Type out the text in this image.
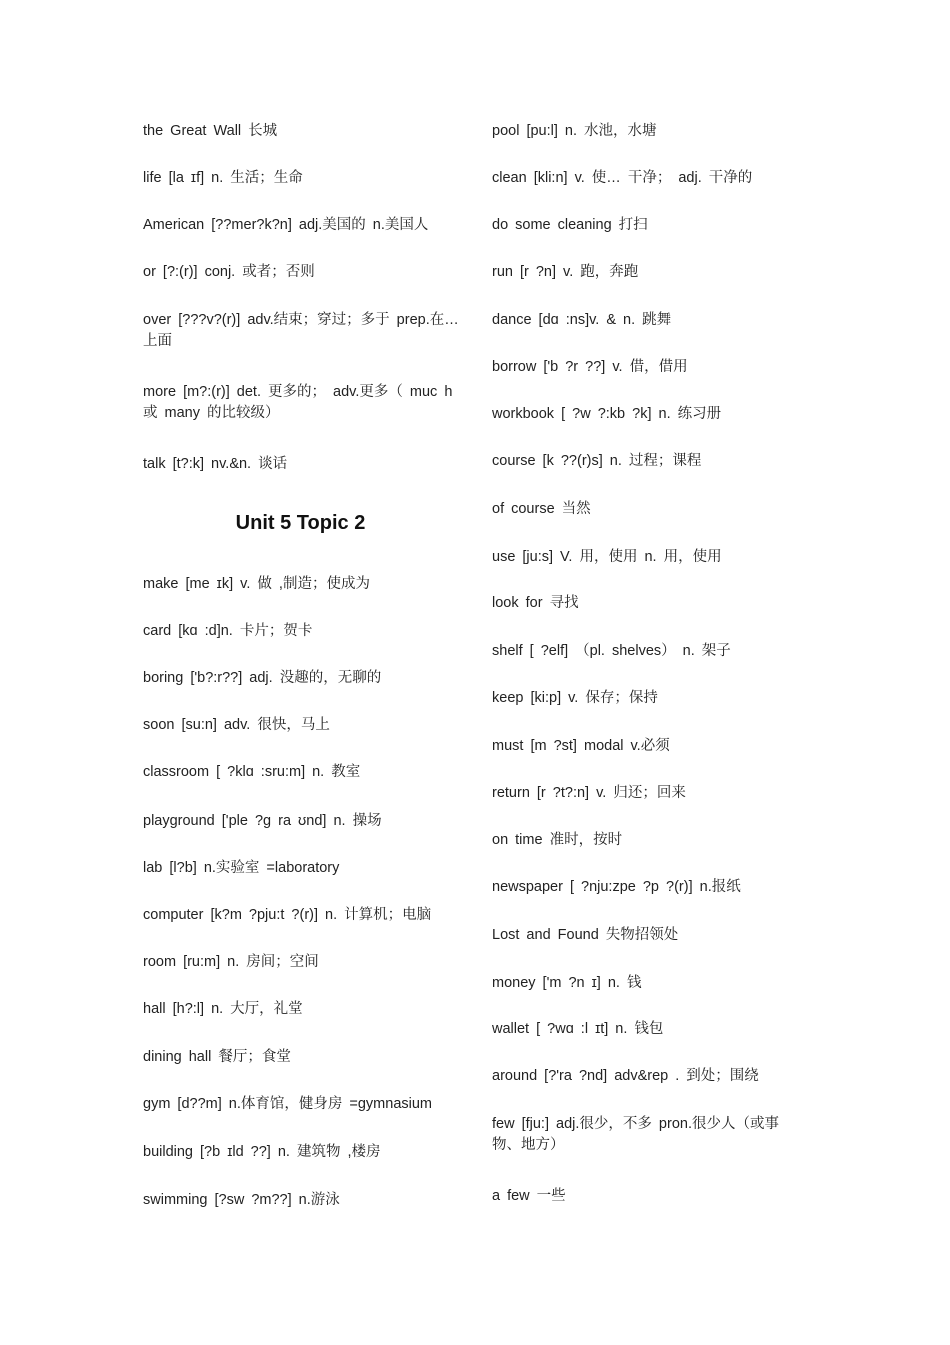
the Great Wall 长城
life [la ɪf] n. 生活；生命
American [??mer?k?n] adj.美国的 n.美国人
or [?:(r)] conj. 或者；否则
over [???v?(r)] adv.结束；穿过；多于 prep.在… 上面
more [m?:(r)] det. 更多的； adv.更多（ muc h 或 many 的比较级）
talk [t?:k] nv.&n. 谈话
Unit 5 Topic 2
make [me ɪk] v. 做 ,制造；使成为
card [kɑ :d]n. 卡片；贺卡
boring ['b?:r??] adj. 没趣的，无聊的
soon [su:n] adv. 很快，马上
classroom [ ?klɑ :sru:m] n. 教室
playground ['ple ?ɡ ra ʊnd] n. 操场
lab [l?b] n.实验室 =laboratory
computer [k?m ?pju:t ?(r)] n. 计算机；电脑
room [ru:m] n. 房间；空间
hall [h?:l] n. 大厅，礼堂
dining hall 餐厅；食堂
gym [d??m] n.体育馆，健身房 =gymnasium
building [?b ɪld ??] n. 建筑物 ,楼房
swimming [?sw ?m??] n.游泳
pool [pu:l] n. 水池，水塘
clean [kli:n] v. 使… 干净； adj. 干净的
do some cleaning 打扫
run [r ?n] v. 跑，奔跑
dance [dɑ :ns]v. & n. 跳舞
borrow ['b ?r ??] v. 借，借用
workbook [ ?w ?:kb ?k] n. 练习册
course [k ??(r)s] n. 过程；课程
of course 当然
use [ju:s] V. 用，使用 n. 用，使用
look for 寻找
shelf [ ?elf] （pl. shelves） n. 架子
keep [ki:p] v. 保存；保持
must [m ?st] modal v.必须
return [r ?t?:n] v. 归还；回来
on time 准时，按时
newspaper [ ?nju:zpe ?p ?(r)] n.报纸
Lost and Found 失物招领处
money ['m ?n ɪ] n. 钱
wallet [ ?wɑ :l ɪt] n. 钱包
around [?'ra ?nd] adv&rep . 到处；围绕
few [fju:] adj.很少，不多 pron.很少人（或事物、地方）
a few 一些
